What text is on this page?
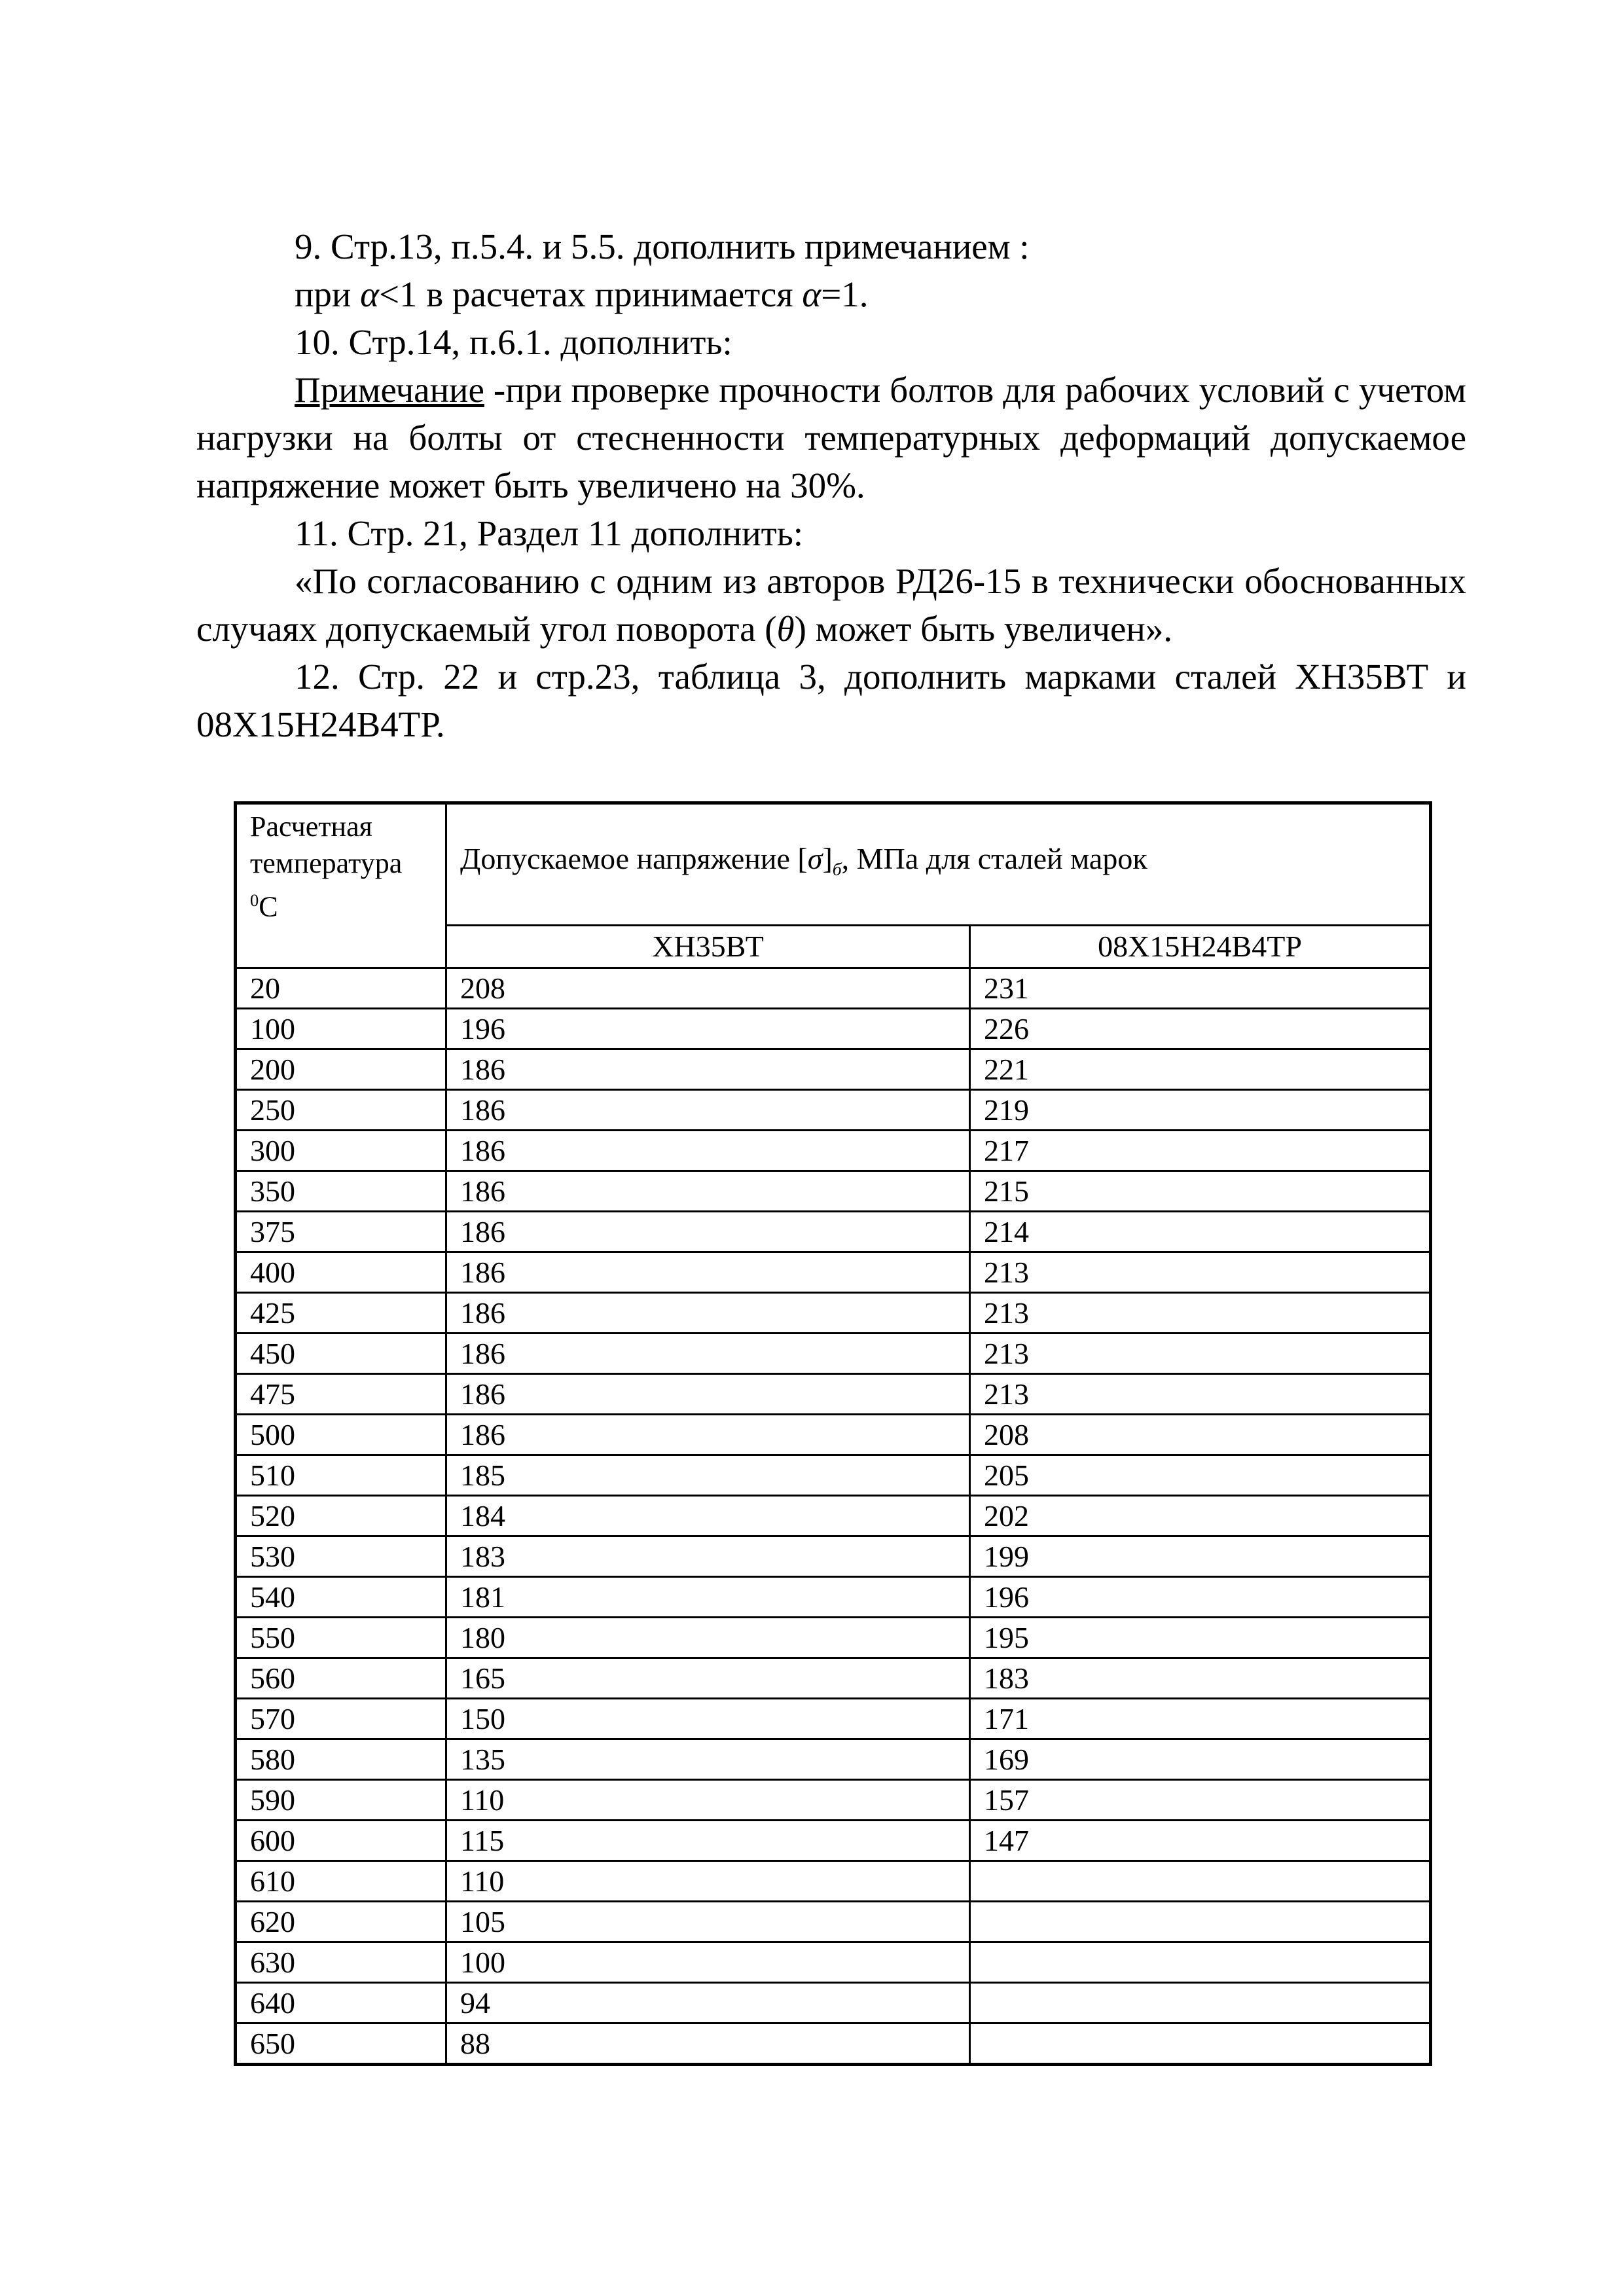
9. Стр.13, п.5.4. и 5.5. дополнить примечанием :

при α<1 в расчетах принимается α=1.

10. Стр.14, п.6.1. дополнить:

Примечание -при проверке прочности болтов для рабочих условий с учетом нагрузки на болты от стесненности температурных деформаций допускаемое напряжение может быть увеличено на 30%.

11. Стр. 21, Раздел 11 дополнить:

«По согласованию с одним из авторов РД26-15 в технически обоснованных случаях допускаемый угол поворота (θ) может быть увеличен».

12. Стр. 22 и стр.23, таблица 3, дополнить марками сталей ХН35ВТ и 08Х15Н24В4ТР.

Расчетная
температура
$^0$С	Допускаемое напряжение $[\sigma]_б$, МПа для сталей марок	
	ХН35ВТ	08Х15Н24В4ТР
20	208	231
100	196	226
200	186	221
250	186	219
300	186	217
350	186	215
375	186	214
400	186	213
425	186	213
450	186	213
475	186	213
500	186	208
510	185	205
520	184	202
530	183	199
540	181	196
550	180	195
560	165	183
570	150	171
580	135	169
590	110	157
600	115	147
610	110	
620	105	
630	100	
640	94	
650	88	
